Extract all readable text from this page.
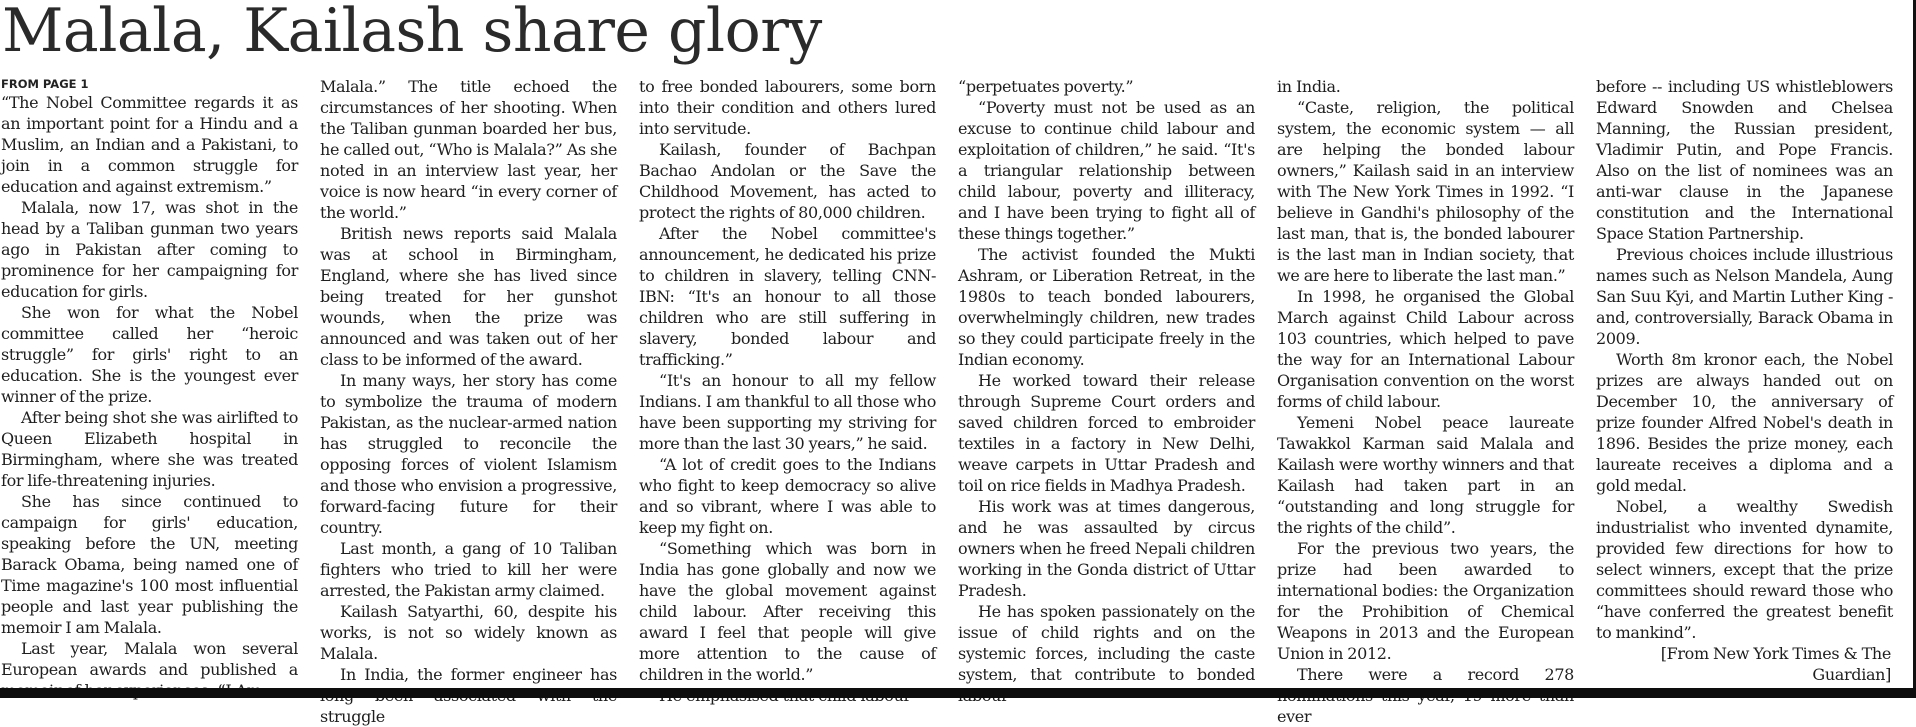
Malala, Kailash share glory
FROM PAGE 1

“The Nobel Committee regards it as an important point for a Hindu and a Muslim, an Indian and a Pakistani, to join in a common struggle for education and against extremism.”

Malala, now 17, was shot in the head by a Taliban gunman two years ago in Pakistan after coming to prominence for her campaigning for education for girls.

She won for what the Nobel committee called her “heroic struggle” for girls' right to an education. She is the youngest ever winner of the prize.

After being shot she was airlifted to Queen Elizabeth hospital in Birmingham, where she was treated for life-threatening injuries.

She has since continued to campaign for girls' education, speaking before the UN, meeting Barack Obama, being named one of Time magazine's 100 most influential people and last year publishing the memoir I am Malala.

Last year, Malala won several European awards and published a

Malala.” The title echoed the circumstances of her shooting. When the Taliban gunman boarded her bus, he called out, “Who is Malala?” As she noted in an interview last year, her voice is now heard “in every corner of the world.”

British news reports said Malala was at school in Birmingham, England, where she has lived since being treated for her gunshot wounds, when the prize was announced and was taken out of her class to be informed of the award.

In many ways, her story has come to symbolize the trauma of modern Pakistan, as the nuclear-armed nation has struggled to reconcile the opposing forces of violent Islamism and those who envision a progressive, forward-facing future for their country.

Last month, a gang of 10 Taliban fighters who tried to kill her were arrested, the Pakistan army claimed.

Kailash Satyarthi, 60, despite his works, is not so widely known as Malala.

In India, the former engineer has struggle

to free bonded labourers, some born into their condition and others lured into servitude.

Kailash, founder of Bachpan Bachao Andolan or the Save the Childhood Movement, has acted to protect the rights of 80,000 children.

After the Nobel committee's announcement, he dedicated his prize to children in slavery, telling CNN-IBN: “It's an honour to all those children who are still suffering in slavery, bonded labour and trafficking.”

“It's an honour to all my fellow Indians. I am thankful to all those who have been supporting my striving for more than the last 30 years,” he said.

“A lot of credit goes to the Indians who fight to keep democracy so alive and so vibrant, where I was able to keep my fight on.

“Something which was born in India has gone globally and now we have the global movement against child labour. After receiving this award I feel that people will give more attention to the cause of children in the world.”

“perpetuates poverty.”

“Poverty must not be used as an excuse to continue child labour and exploitation of children,” he said. “It's a triangular relationship between child labour, poverty and illiteracy, and I have been trying to fight all of these things together.”

The activist founded the Mukti Ashram, or Liberation Retreat, in the 1980s to teach bonded labourers, overwhelmingly children, new trades so they could participate freely in the Indian economy.

He worked toward their release through Supreme Court orders and saved children forced to embroider textiles in a factory in New Delhi, weave carpets in Uttar Pradesh and toil on rice fields in Madhya Pradesh.

His work was at times dangerous, and he was assaulted by circus owners when he freed Nepali children working in the Gonda district of Uttar Pradesh.

He has spoken passionately on the issue of child rights and on the systemic forces, including the caste system, that contribute to bonded

in India.

“Caste, religion, the political system, the economic system — all are helping the bonded labour owners,” Kailash said in an interview with The New York Times in 1992. “I believe in Gandhi's philosophy of the last man, that is, the bonded labourer is the last man in Indian society, that we are here to liberate the last man.”

In 1998, he organised the Global March against Child Labour across 103 countries, which helped to pave the way for an International Labour Organisation convention on the worst forms of child labour.

Yemeni Nobel peace laureate Tawakkol Karman said Malala and Kailash were worthy winners and that Kailash had taken part in an “outstanding and long struggle for the rights of the child”.

For the previous two years, the prize had been awarded to international bodies: the Organization for the Prohibition of Chemical Weapons in 2013 and the European Union in 2012.

There were a record 278 ever

before -- including US whistleblowers Edward Snowden and Chelsea Manning, the Russian president, Vladimir Putin, and Pope Francis. Also on the list of nominees was an anti-war clause in the Japanese constitution and the International Space Station Partnership.

Previous choices include illustrious names such as Nelson Mandela, Aung San Suu Kyi, and Martin Luther King - and, controversially, Barack Obama in 2009.

Worth 8m kronor each, the Nobel prizes are always handed out on December 10, the anniversary of prize founder Alfred Nobel's death in 1896. Besides the prize money, each laureate receives a diploma and a gold medal.

Nobel, a wealthy Swedish industrialist who invented dynamite, provided few directions for how to select winners, except that the prize committees should reward those who “have conferred the greatest benefit to mankind”.

[From New York Times & The Guardian]
